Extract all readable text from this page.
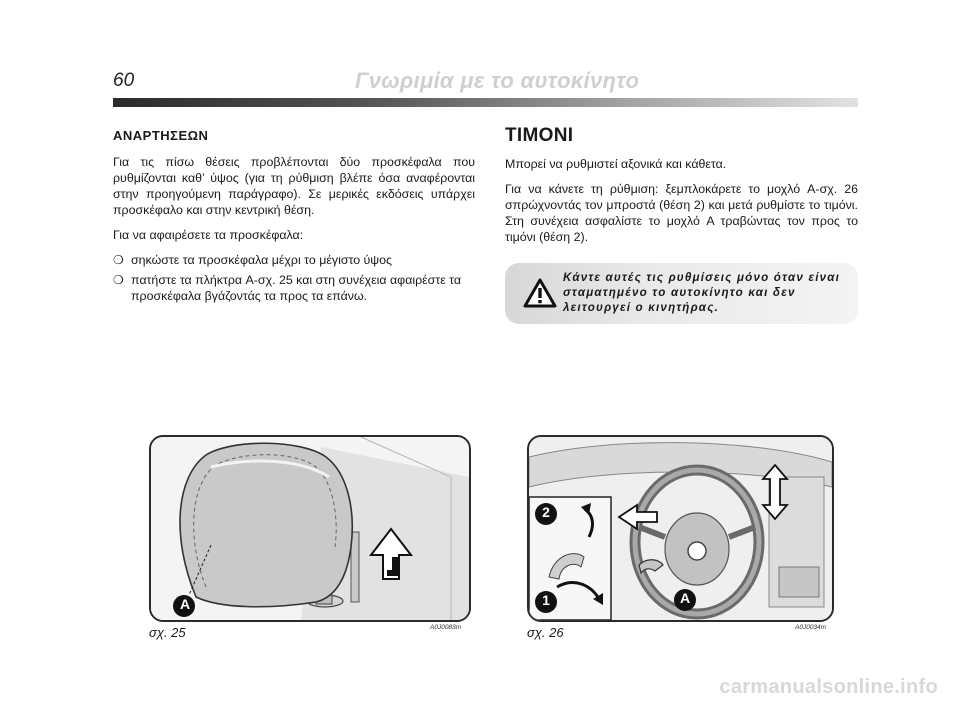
60	Γνωριμία με το αυτοκίνητο
ΑΝΑΡΤΗΣΕΩΝ

Για τις πίσω θέσεις προβλέπονται δύο προσκέφαλα που ρυθμίζονται καθ’ ύψος (για τη ρύθμιση βλέπε όσα αναφέρονται στην προηγούμενη παράγραφο). Σε μερικές εκδόσεις υπάρχει προσκέφαλο και στην κεντρική θέση.

Για να αφαιρέσετε τα προσκέφαλα:

❍ σηκώστε τα προσκέφαλα μέχρι το μέγιστο ύψος
❍ πατήστε τα πλήκτρα A-σχ. 25 και στη συνέχεια αφαιρέστε τα προσκέφαλα βγάζοντάς τα προς τα επάνω.
ΤΙΜΟΝΙ

Μπορεί να ρυθμιστεί αξονικά και κάθετα.

Για να κάνετε τη ρύθμιση: ξεμπλοκάρετε το μοχλό A-σχ. 26 σπρώχνοντάς τον μπροστά (θέση 2) και μετά ρυθμίστε το τιμόνι. Στη συνέχεια ασφαλίστε το μοχλό A τραβώντας τον προς το τιμόνι (θέση 2).

Κάντε αυτές τις ρυθμίσεις μόνο όταν είναι σταματημένο το αυτοκίνητο και δεν λειτουργεί ο κινητήρας.
A
σχ. 25	A0J0083m
2
1	A
σχ. 26	A0J0034m
carmanualsonline.info
